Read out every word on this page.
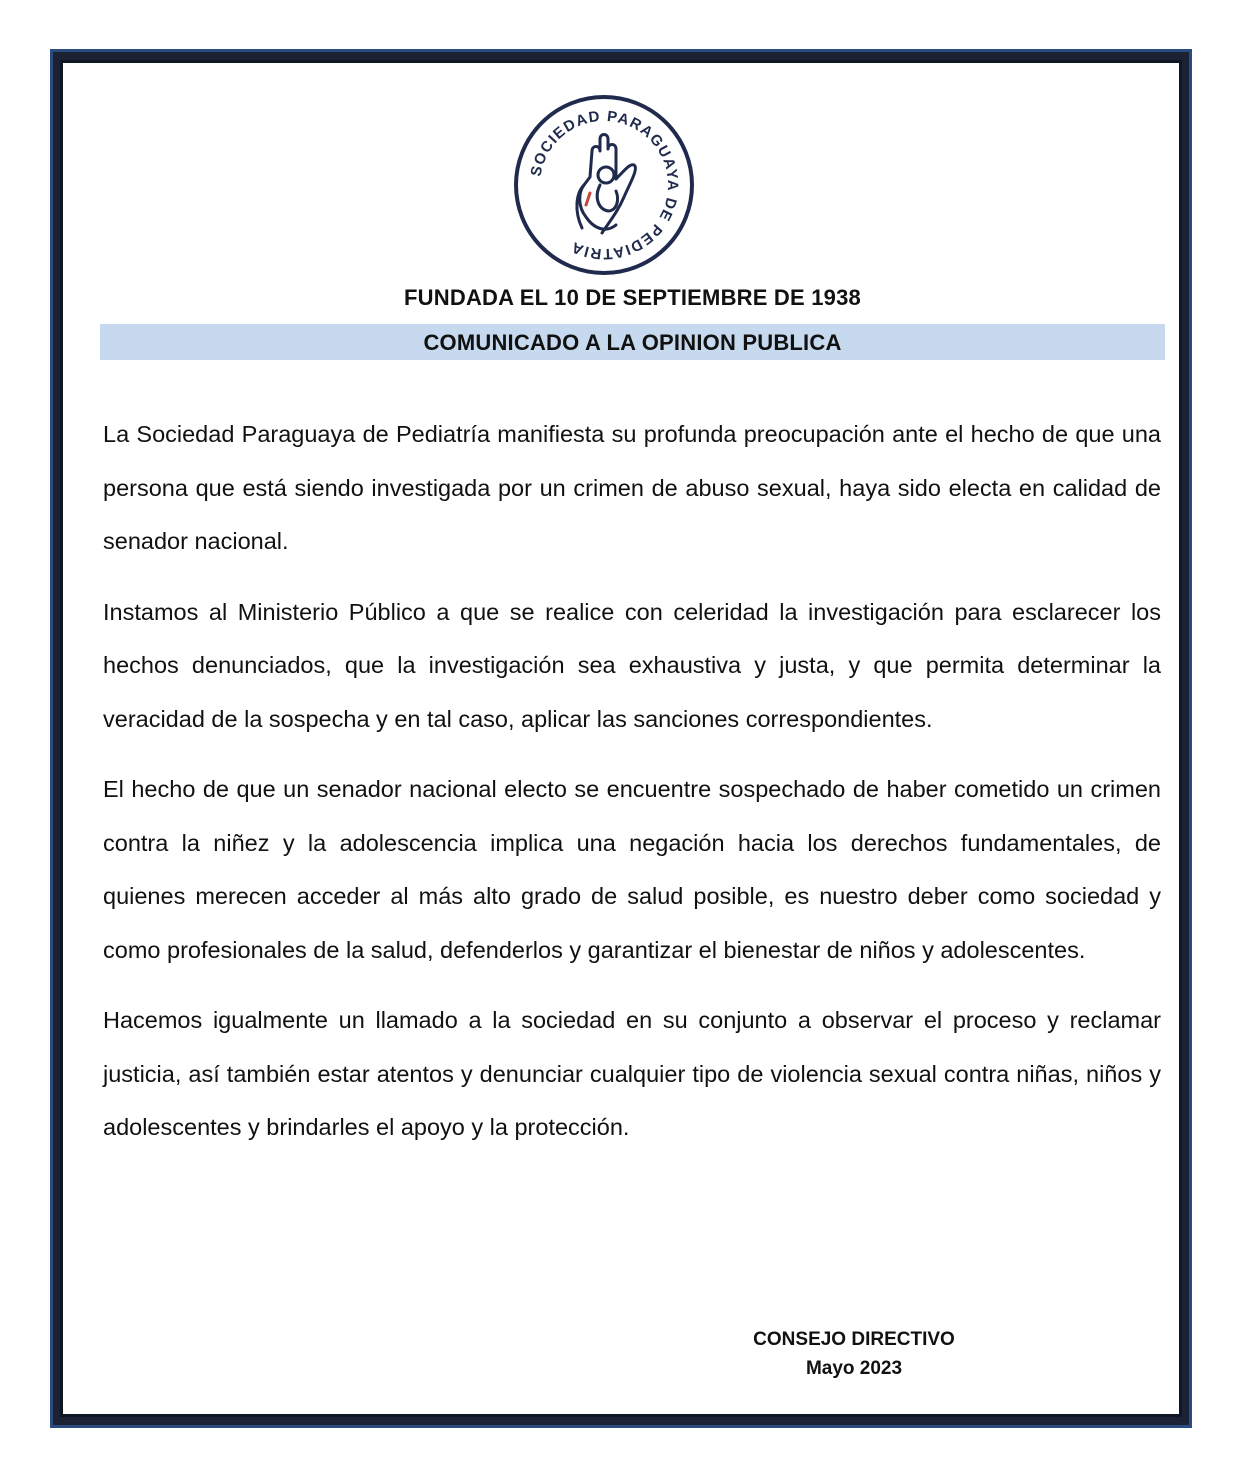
SOCIEDAD PARAGUAYA DE PEDIATRIA
FUNDADA EL 10 DE SEPTIEMBRE DE 1938
COMUNICADO A LA OPINION PUBLICA

La Sociedad Paraguaya de Pediatría manifiesta su profunda preocupación ante el hecho de que una persona que está siendo investigada por un crimen de abuso sexual, haya sido electa en calidad de senador nacional.

Instamos al Ministerio Público a que se realice con celeridad la investigación para esclarecer los hechos denunciados, que la investigación sea exhaustiva y justa, y que permita determinar la veracidad de la sospecha y en tal caso, aplicar las sanciones correspondientes.

El hecho de que un senador nacional electo se encuentre sospechado de haber cometido un crimen contra la niñez y la adolescencia implica una negación hacia los derechos fundamentales, de quienes merecen acceder al más alto grado de salud posible, es nuestro deber como sociedad y como profesionales de la salud, defenderlos y garantizar el bienestar de niños y adolescentes.

Hacemos igualmente un llamado a la sociedad en su conjunto a observar el proceso y reclamar justicia, así también estar atentos y denunciar cualquier tipo de violencia sexual contra niñas, niños y adolescentes y brindarles el apoyo y la protección.

CONSEJO DIRECTIVO
Mayo 2023
